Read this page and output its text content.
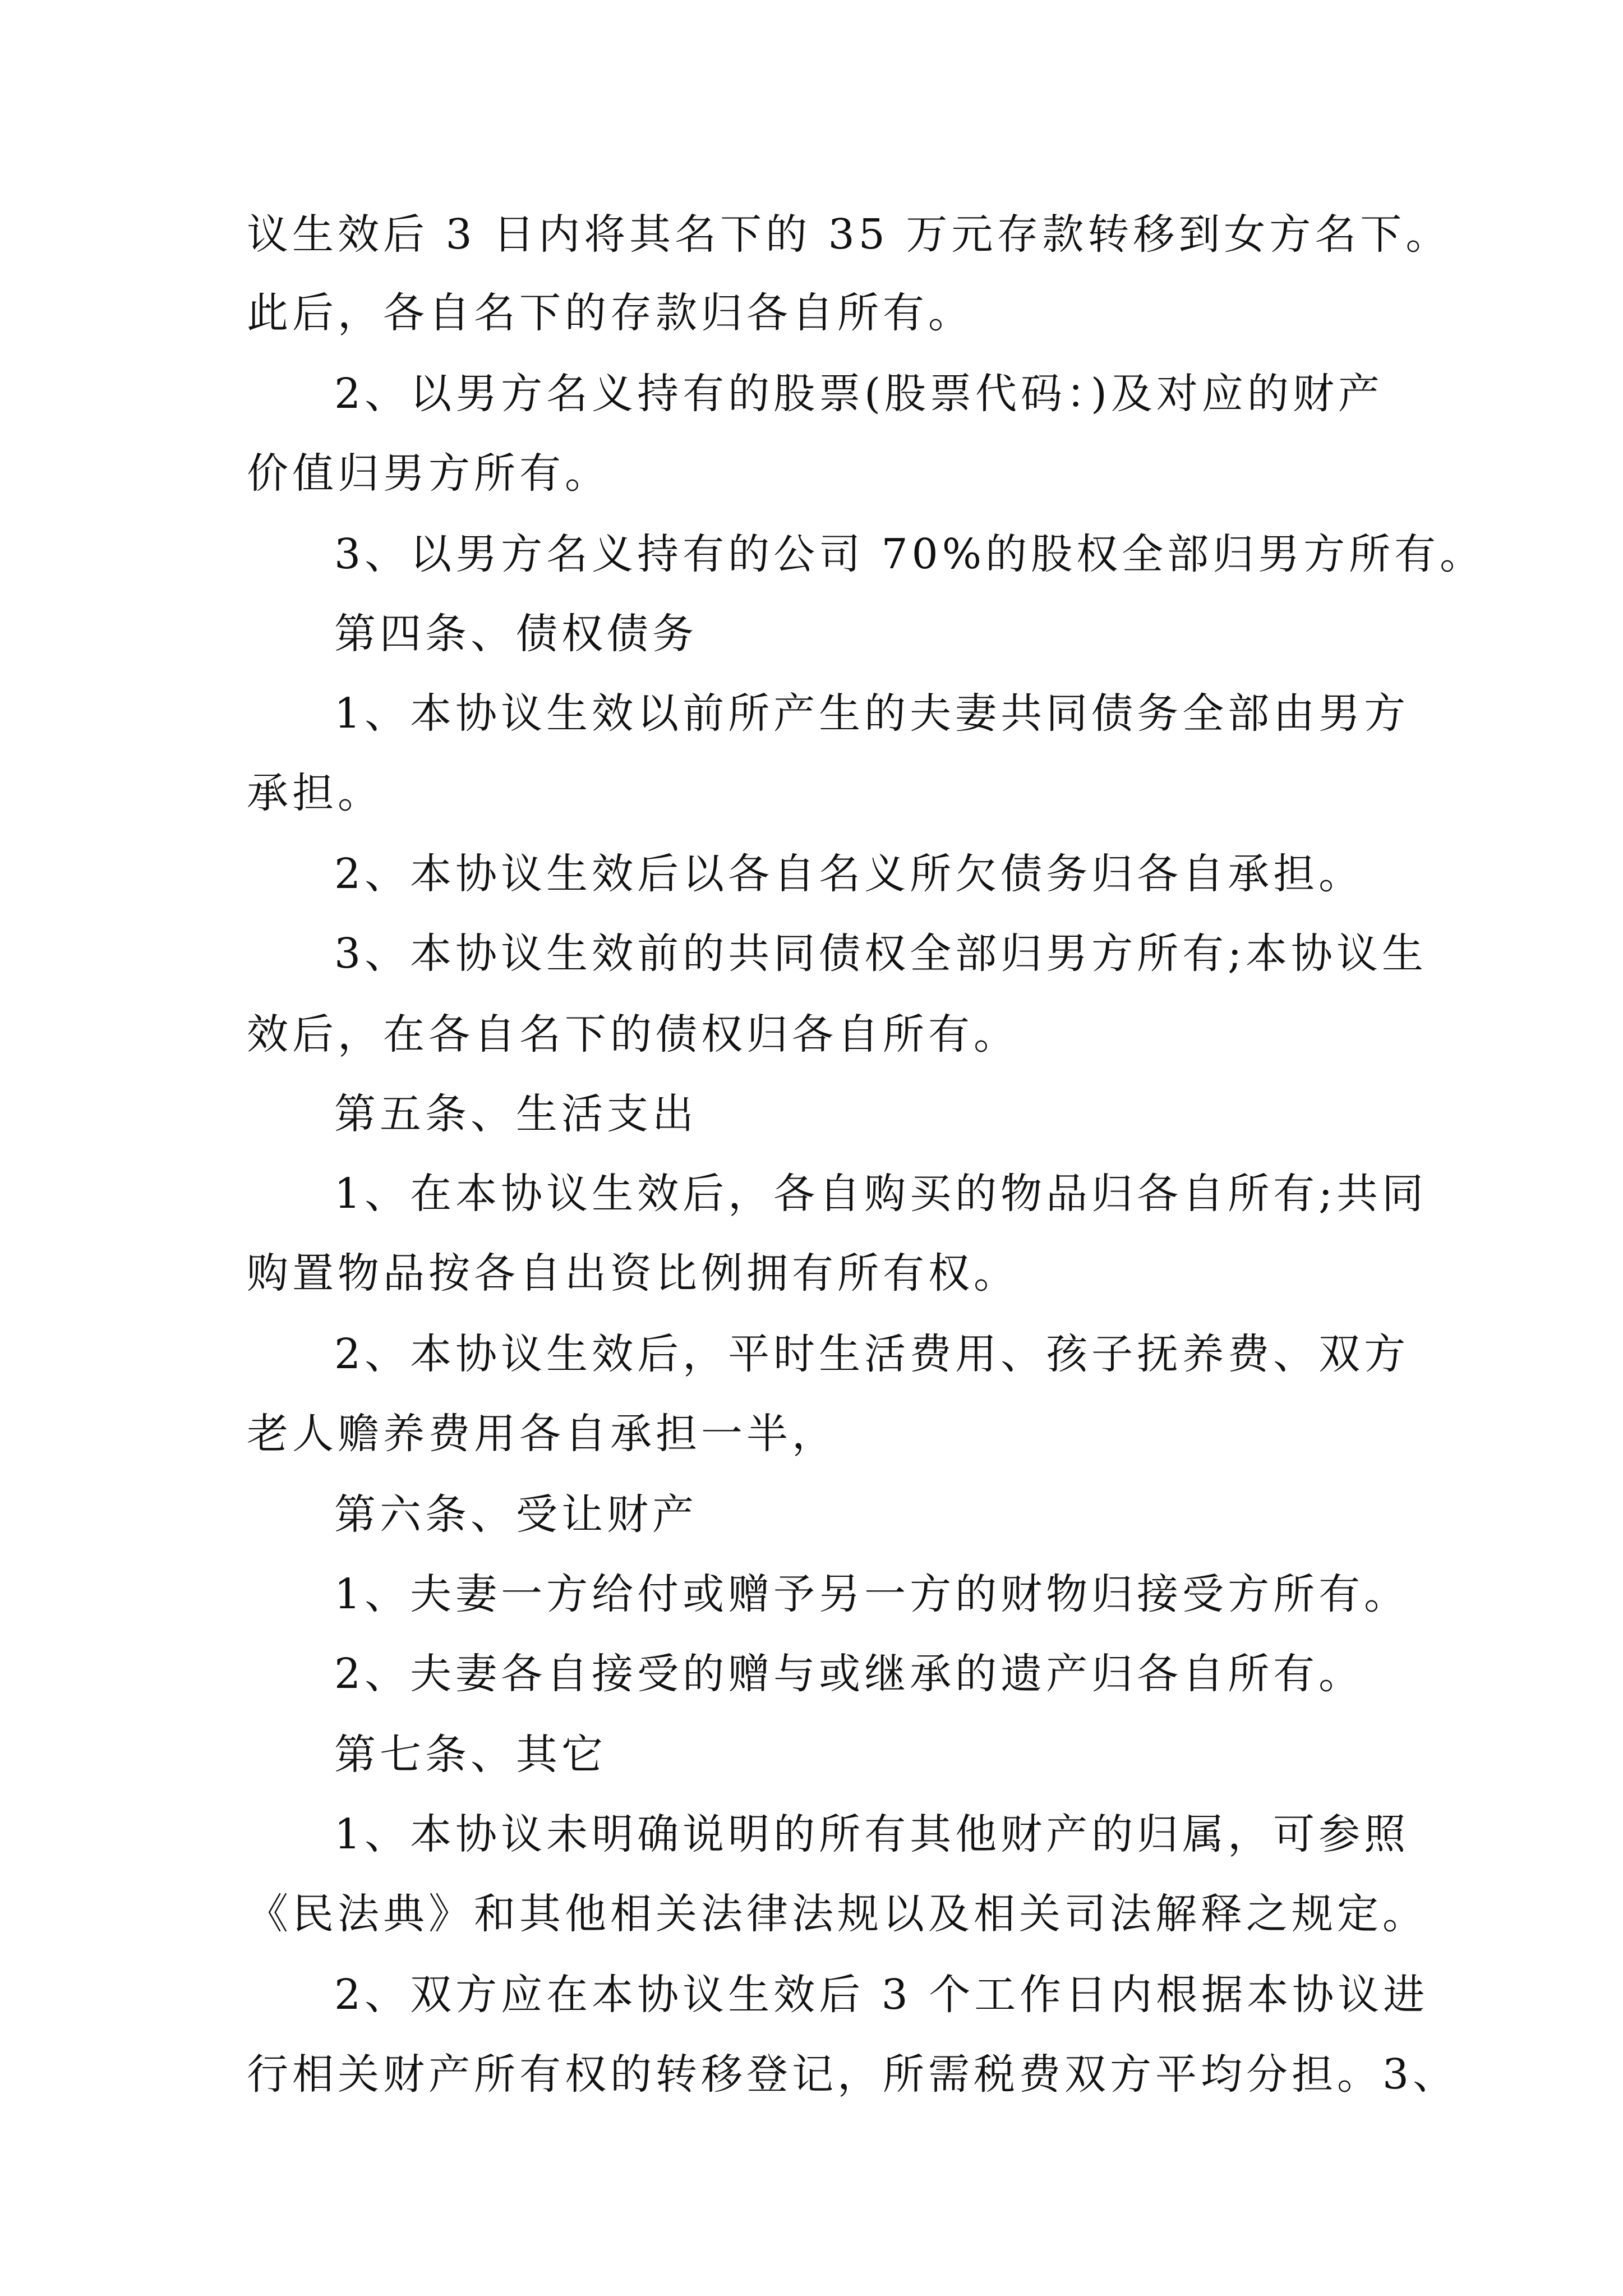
议生效后 3 日内将其名下的 35 万元存款转移到女方名下。

此后，各自名下的存款归各自所有。

2、以男方名义持有的股票(股票代码：)及对应的财产

价值归男方所有。

3、以男方名义持有的公司 70%的股权全部归男方所有。

第四条、债权债务

1、本协议生效以前所产生的夫妻共同债务全部由男方

承担。

2、本协议生效后以各自名义所欠债务归各自承担。

3、本协议生效前的共同债权全部归男方所有;本协议生

效后，在各自名下的债权归各自所有。

第五条、生活支出

1、在本协议生效后，各自购买的物品归各自所有;共同

购置物品按各自出资比例拥有所有权。

2、本协议生效后，平时生活费用、孩子抚养费、双方

老人赡养费用各自承担一半，

第六条、受让财产

1、夫妻一方给付或赠予另一方的财物归接受方所有。

2、夫妻各自接受的赠与或继承的遗产归各自所有。

第七条、其它

1、本协议未明确说明的所有其他财产的归属，可参照

《民法典》和其他相关法律法规以及相关司法解释之规定。

2、双方应在本协议生效后 3 个工作日内根据本协议进

行相关财产所有权的转移登记，所需税费双方平均分担。3、
